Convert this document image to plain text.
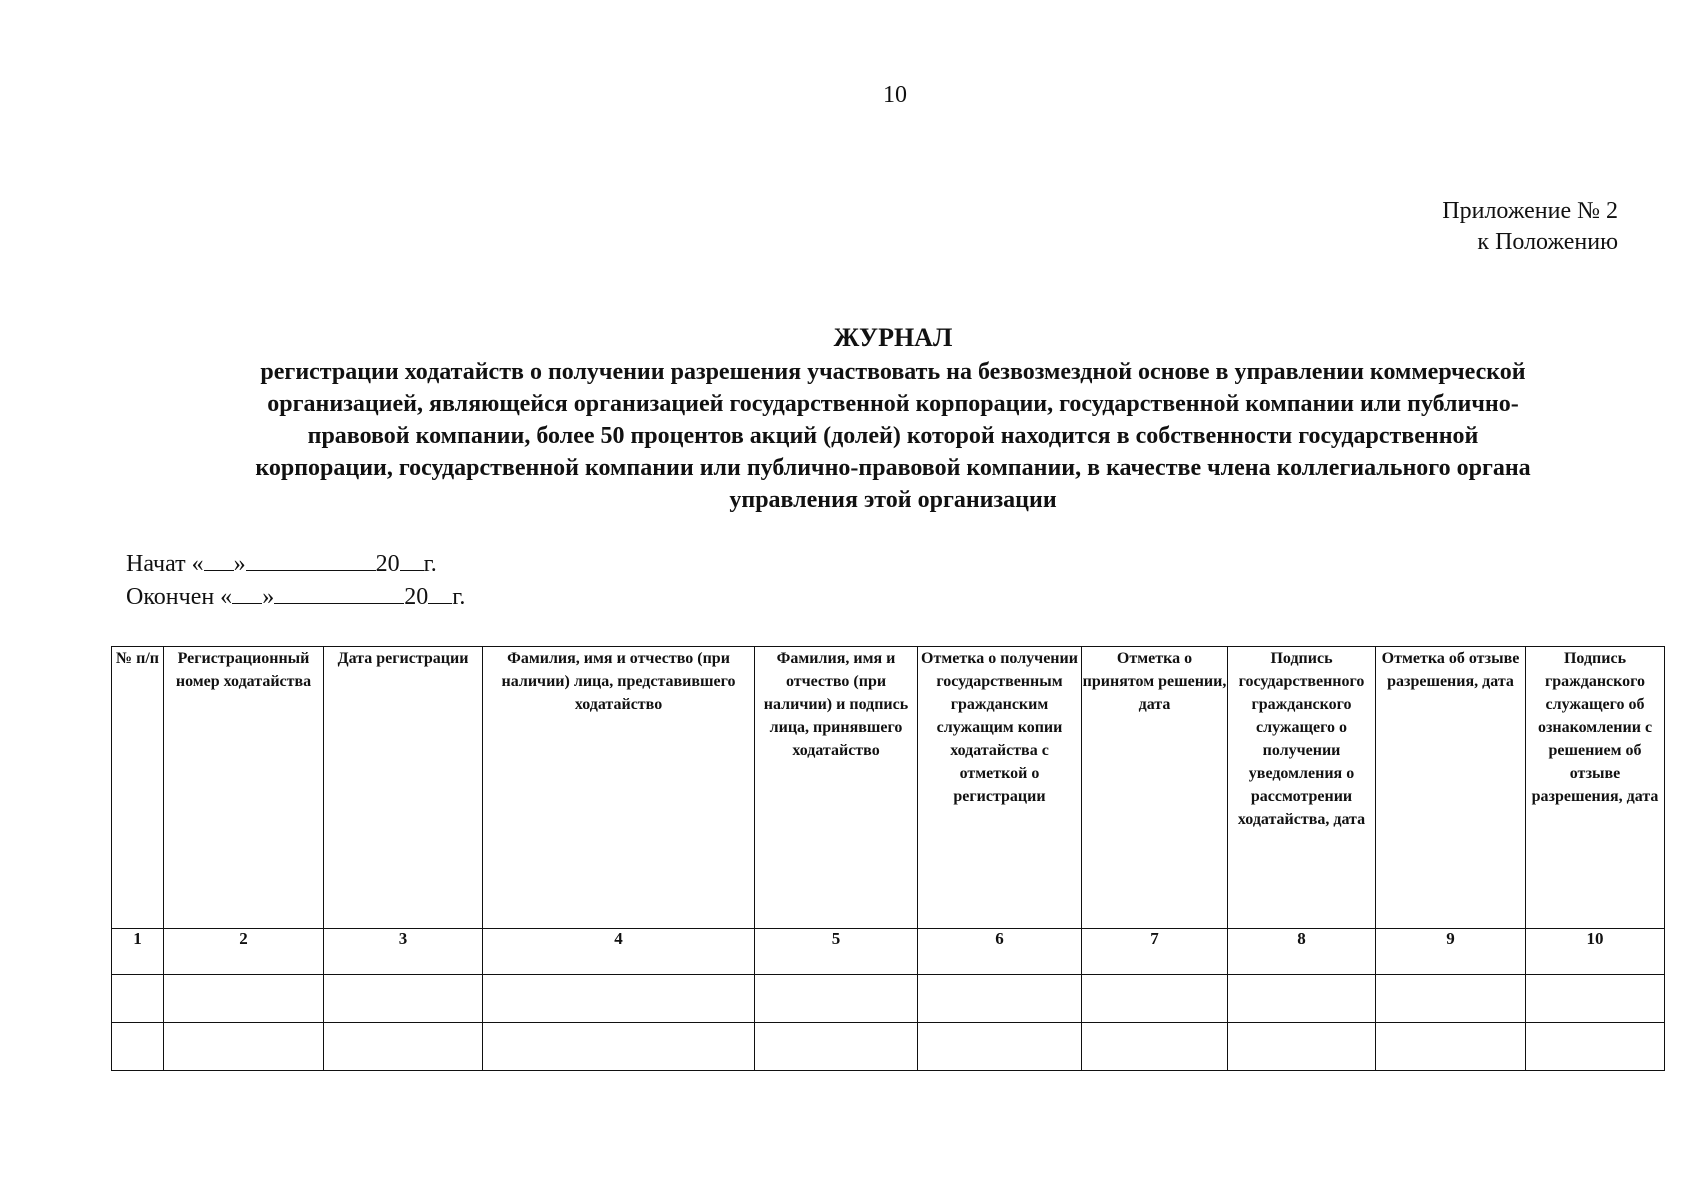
10
Приложение № 2
к Положению
ЖУРНАЛ
регистрации ходатайств о получении разрешения участвовать на безвозмездной основе в управлении коммерческой
организацией, являющейся организацией государственной корпорации, государственной компании или публично-
правовой компании, более 50 процентов акций (долей) которой находится в собственности государственной
корпорации, государственной компании или публично-правовой компании, в качестве члена коллегиального органа
управления этой организации
Начат « »	20 г.
Окончен « »	20 г.
№ п/п	Регистрационный номер ходатайства	Дата регистрации	Фамилия, имя и отчество (при наличии) лица, представившего ходатайство	Фамилия, имя и отчество (при наличии) и подпись лица, принявшего ходатайство	Отметка о получении государственным гражданским служащим копии ходатайства с отметкой о регистрации	Отметка о принятом решении, дата	Подпись государственного гражданского служащего о получении уведомления о рассмотрении ходатайства, дата	Отметка об отзыве разрешения, дата	Подпись гражданского служащего об ознакомлении с решением об отзыве разрешения, дата
1	2	3	4	5	6	7	8	9	10
